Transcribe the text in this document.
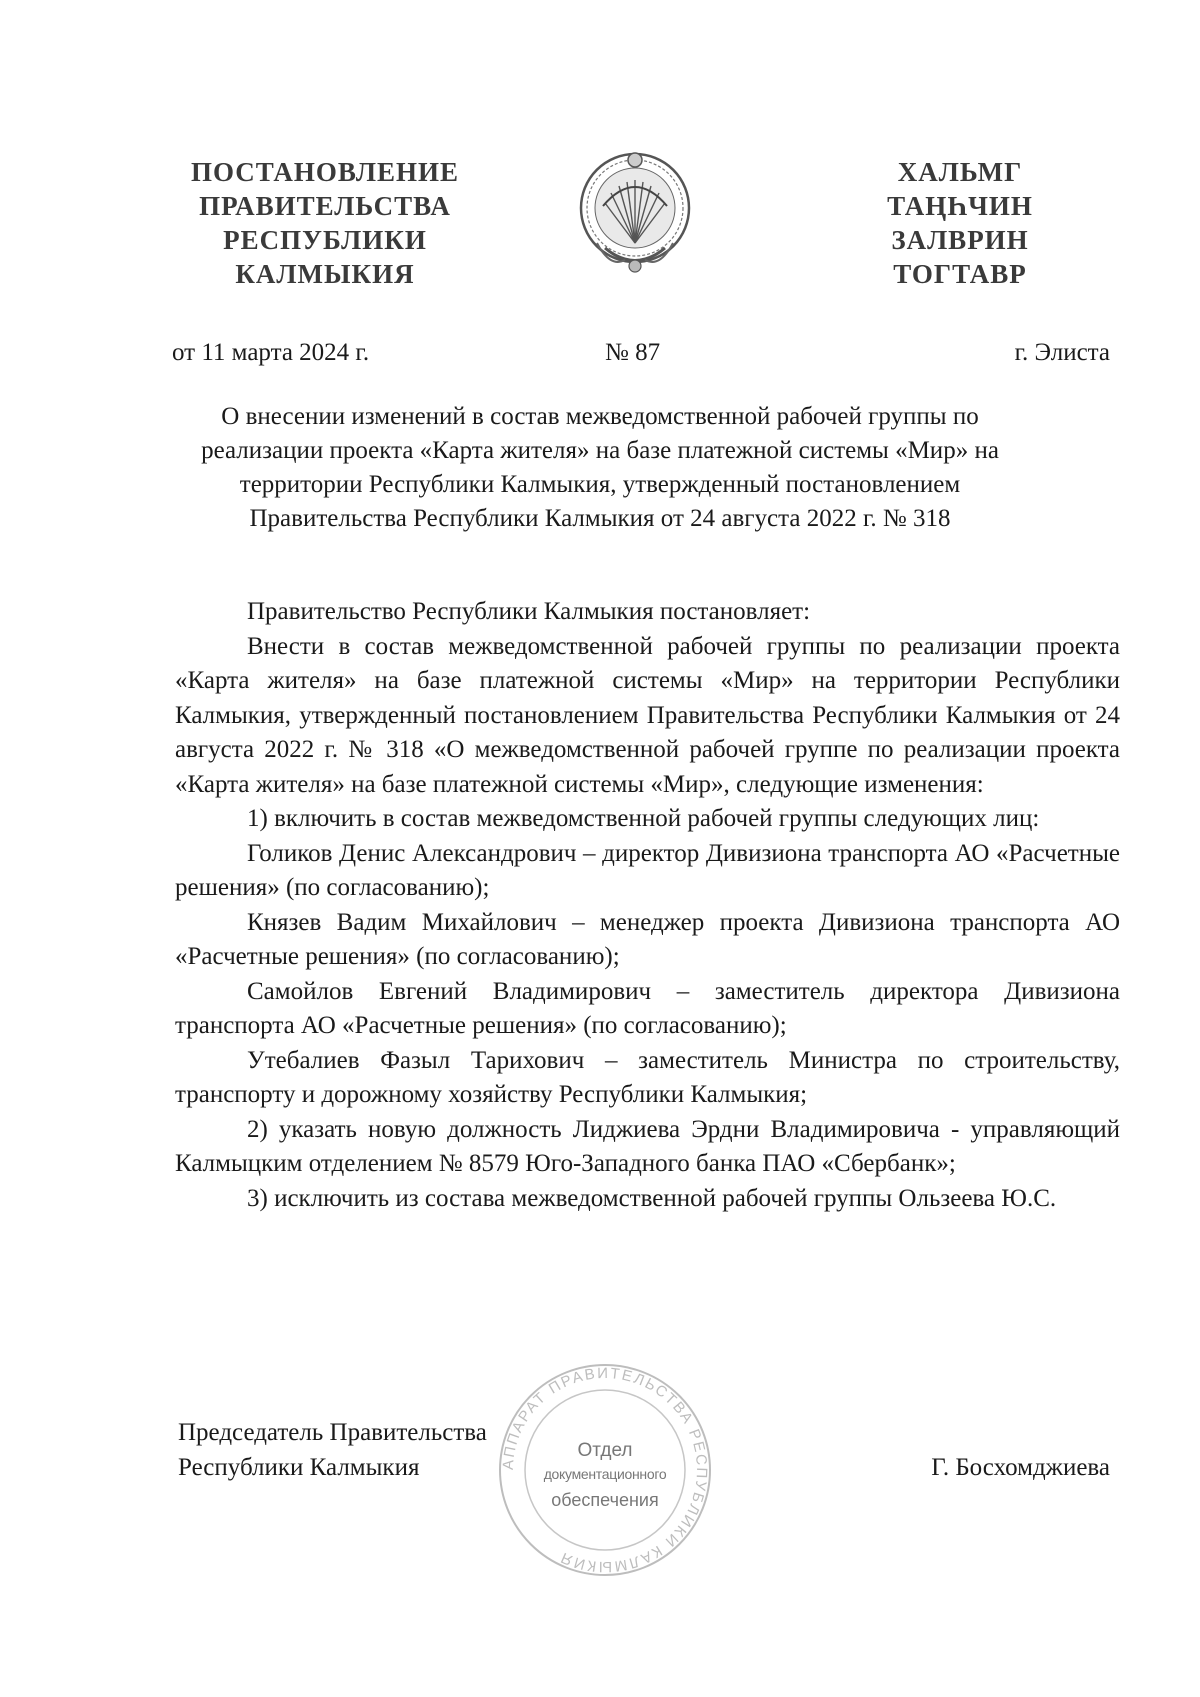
ПОСТАНОВЛЕНИЕ
ПРАВИТЕЛЬСТВА
РЕСПУБЛИКИ
КАЛМЫКИЯ
ХАЛЬМГ
ТАҢҺЧИН
ЗАЛВРИН
ТОГТАВР
от 11 марта 2024 г.	№ 87	г. Элиста
О внесении изменений в состав межведомственной рабочей группы по
реализации проекта «Карта жителя» на базе платежной системы «Мир» на
территории Республики Калмыкия, утвержденный постановлением
Правительства Республики Калмыкия от 24 августа 2022 г. № 318

Правительство Республики Калмыкия постановляет:

Внести в состав межведомственной рабочей группы по реализации проекта «Карта жителя» на базе платежной системы «Мир» на территории Республики Калмыкия, утвержденный постановлением Правительства Республики Калмыкия от 24 августа 2022 г. № 318 «О межведомственной рабочей группе по реализации проекта «Карта жителя» на базе платежной системы «Мир», следующие изменения:

1) включить в состав межведомственной рабочей группы следующих лиц:

Голиков Денис Александрович – директор Дивизиона транспорта АО «Расчетные решения» (по согласованию);

Князев Вадим Михайлович – менеджер проекта Дивизиона транспорта АО «Расчетные решения» (по согласованию);

Самойлов Евгений Владимирович – заместитель директора Дивизиона транспорта АО «Расчетные решения» (по согласованию);

Утебалиев Фазыл Тарихович – заместитель Министра по строительству, транспорту и дорожному хозяйству Республики Калмыкия;

2) указать новую должность Лиджиева Эрдни Владимировича - управляющий Калмыцким отделением № 8579 Юго-Западного банка ПАО «Сбербанк»;

3) исключить из состава межведомственной рабочей группы Ользеева Ю.С.

АППАРАТ ПРАВИТЕЛЬСТВА РЕСПУБЛИКИ КАЛМЫКИЯ
Отдел
документационного
обеспечения
Председатель Правительства
Республики Калмыкия	Г. Босхомджиева
